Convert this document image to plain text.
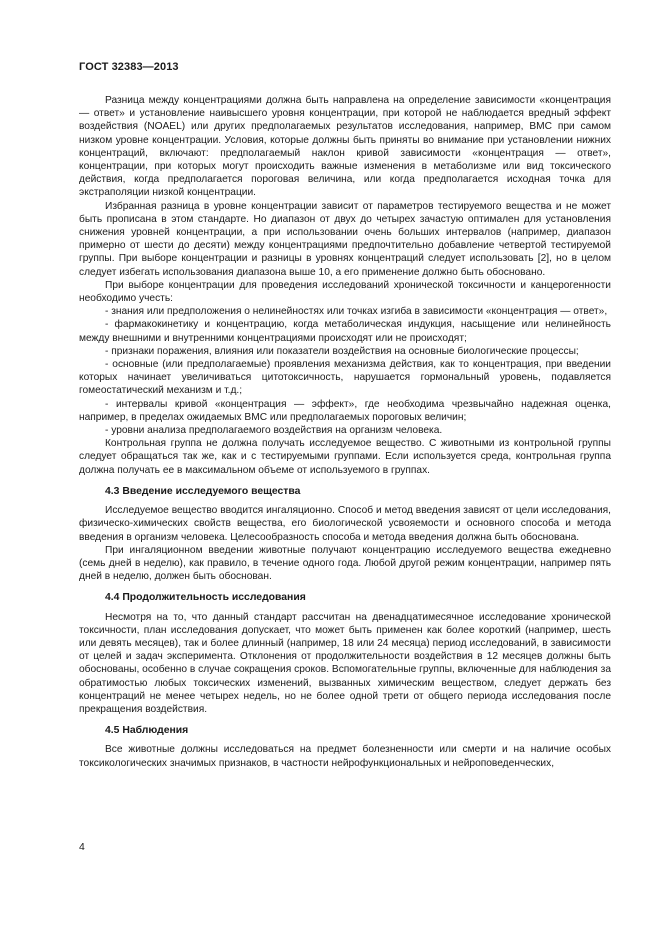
ГОСТ 32383—2013

Разница между концентрациями должна быть направлена на определение зависимости «концентрация — ответ» и установление наивысшего уровня концентрации, при которой не наблюдается вредный эффект воздействия (NOAEL) или других предполагаемых результатов исследования, например, ВМС при самом низком уровне концентрации. Условия, которые должны быть приняты во внимание при установлении нижних концентраций, включают: предполагаемый наклон кривой зависимости «концентрация — ответ», концентрации, при которых могут происходить важные изменения в метаболизме или вид токсического действия, когда предполагается пороговая величина, или когда предполагается исходная точка для экстраполяции низкой концентрации.

Избранная разница в уровне концентрации зависит от параметров тестируемого вещества и не может быть прописана в этом стандарте. Но диапазон от двух до четырех зачастую оптимален для установления снижения уровней концентрации, а при использовании очень больших интервалов (например, диапазон примерно от шести до десяти) между концентрациями предпочтительно добавление четвертой тестируемой группы. При выборе концентрации и разницы в уровнях концентраций следует использовать [2], но в целом следует избегать использования диапазона выше 10, а его применение должно быть обосновано.

При выборе концентрации для проведения исследований хронической токсичности и канцерогенности необходимо учесть:

- знания или предположения о нелинейностях или точках изгиба в зависимости «концентрация — ответ»,

- фармакокинетику и концентрацию, когда метаболическая индукция, насыщение или нелинейность между внешними и внутренними концентрациями происходят или не происходят;

- признаки поражения, влияния или показатели воздействия на основные биологические процессы;

- основные (или предполагаемые) проявления механизма действия, как то концентрация, при введении которых начинает увеличиваться цитотоксичность, нарушается гормональный уровень, подавляется гомеостатический механизм и т.д.;

- интервалы кривой «концентрация — эффект», где необходима чрезвычайно надежная оценка, например, в пределах ожидаемых ВМС или предполагаемых пороговых величин;

- уровни анализа предполагаемого воздействия на организм человека.

Контрольная группа не должна получать исследуемое вещество. С животными из контрольной группы следует обращаться так же, как и с тестируемыми группами. Если используется среда, контрольная группа должна получать ее в максимальном объеме от используемого в группах.

4.3 Введение исследуемого вещества

Исследуемое вещество вводится ингаляционно. Способ и метод введения зависят от цели исследования, физическо-химических свойств вещества, его биологической усвояемости и основного способа и метода введения в организм человека. Целесообразность способа и метода введения должна быть обоснована.

При ингаляционном введении животные получают концентрацию исследуемого вещества ежедневно (семь дней в неделю), как правило, в течение одного года. Любой другой режим концентрации, например пять дней в неделю, должен быть обоснован.

4.4 Продолжительность исследования

Несмотря на то, что данный стандарт рассчитан на двенадцатимесячное исследование хронической токсичности, план исследования допускает, что может быть применен как более короткий (например, шесть или девять месяцев), так и более длинный (например, 18 или 24 месяца) период исследований, в зависимости от целей и задач эксперимента. Отклонения от продолжительности воздействия в 12 месяцев должны быть обоснованы, особенно в случае сокращения сроков. Вспомогательные группы, включенные для наблюдения за обратимостью любых токсических изменений, вызванных химическим веществом, следует держать без концентраций не менее четырех недель, но не более одной трети от общего периода исследования после прекращения воздействия.

4.5 Наблюдения

Все животные должны исследоваться на предмет болезненности или смерти и на наличие особых токсикологических значимых признаков, в частности нейрофункциональных и нейроповеденческих,

4
